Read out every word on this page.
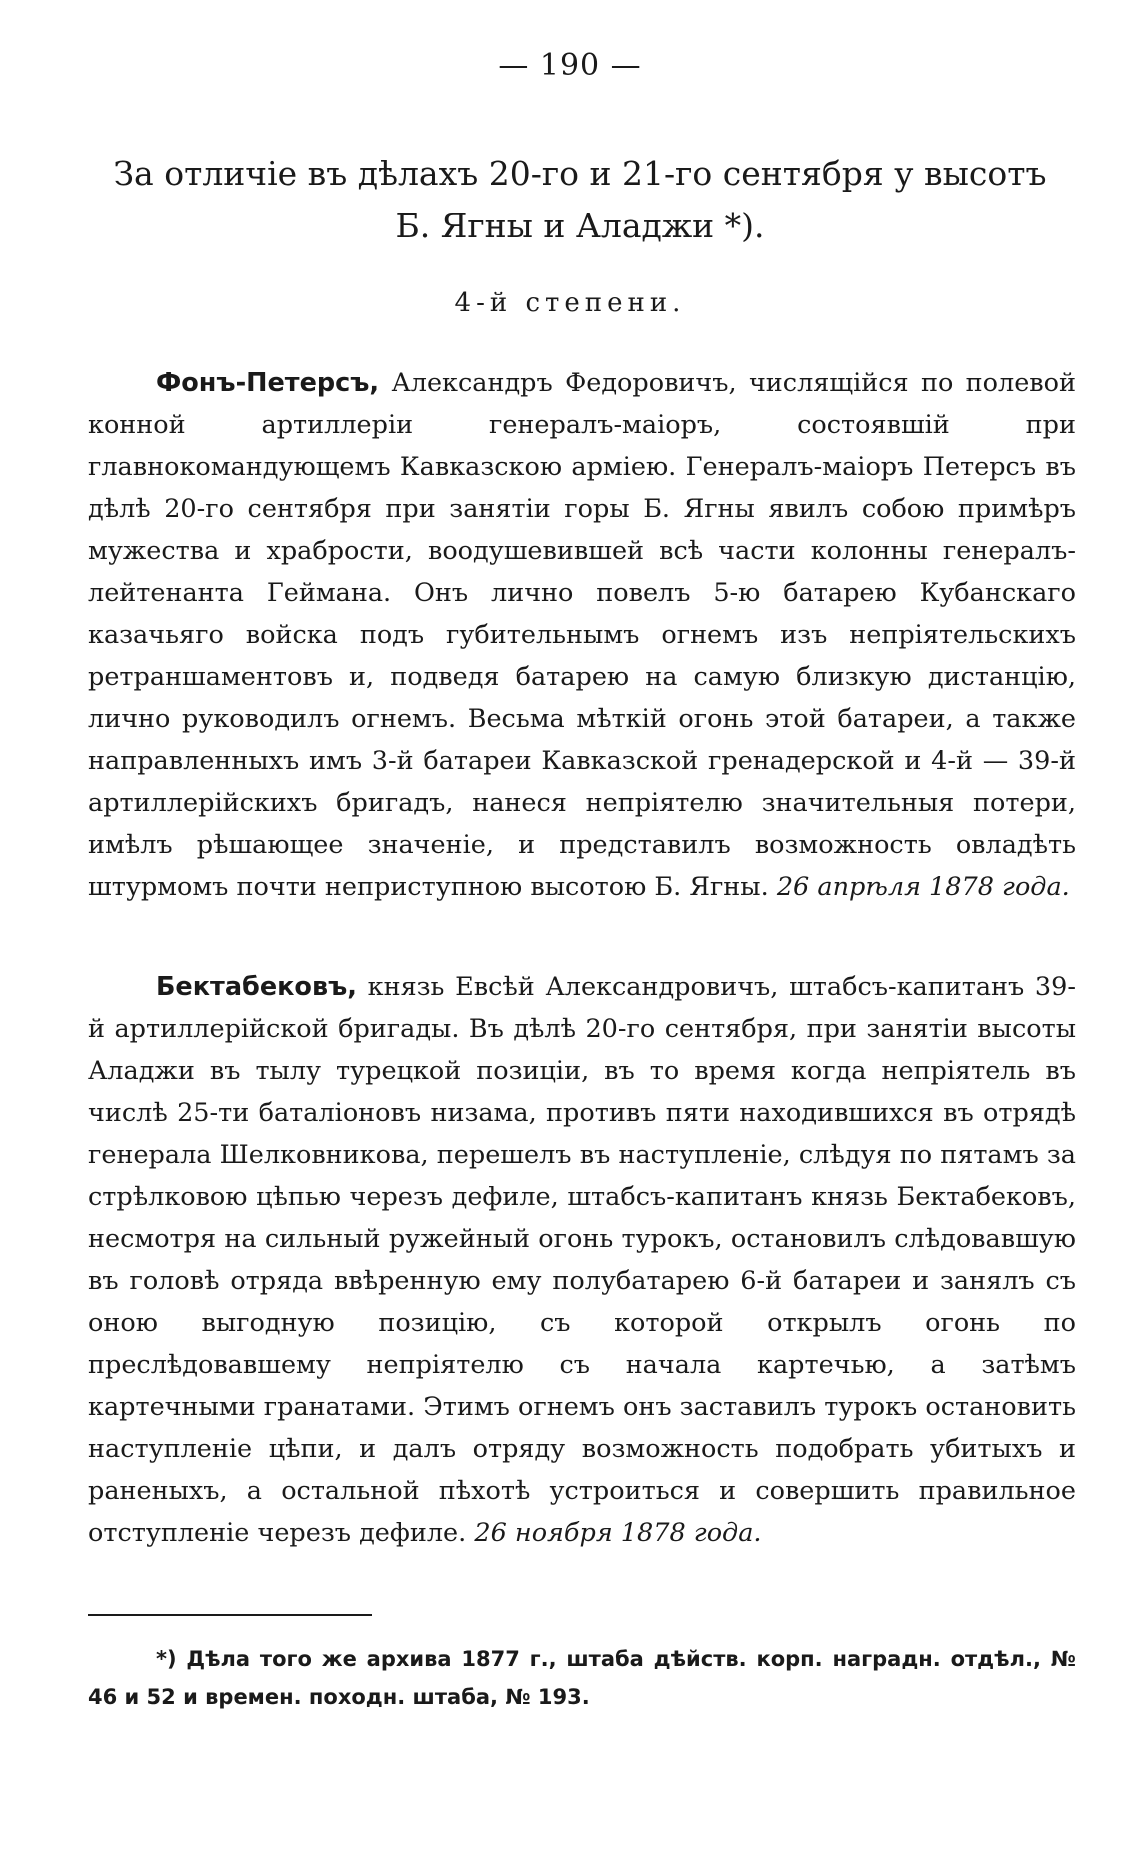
— 190 —
За отличіе въ дѣлахъ 20-го и 21-го сентября у высотъ Б. Ягны и Аладжи *).
4-й степени.

Фонъ-Петерсъ, Александръ Федоровичъ, числящійся по полевой конной артиллеріи генералъ-маіоръ, состоявшій при главнокомандующемъ Кавказскою арміею. Генералъ-маіоръ Петерсъ въ дѣлѣ 20-го сентября при занятіи горы Б. Ягны явилъ собою примѣръ мужества и храбрости, воодушевившей всѣ части колонны генералъ-лейтенанта Геймана. Онъ лично повелъ 5-ю батарею Кубанскаго казачьяго войска подъ губительнымъ огнемъ изъ непріятельскихъ ретраншаментовъ и, подведя батарею на самую близкую дистанцію, лично руководилъ огнемъ. Весьма мѣткій огонь этой батареи, а также направленныхъ имъ 3-й батареи Кавказской гренадерской и 4-й — 39-й артиллерійскихъ бригадъ, нанеся непріятелю значительныя потери, имѣлъ рѣшающее значеніе, и представилъ возможность овладѣть штурмомъ почти неприступною высотою Б. Ягны. 26 апрѣля 1878 года.

Бектабековъ, князь Евсѣй Александровичъ, штабсъ-капитанъ 39-й артиллерійской бригады. Въ дѣлѣ 20-го сентября, при занятіи высоты Аладжи въ тылу турецкой позиціи, въ то время когда непріятель въ числѣ 25-ти баталіоновъ низама, противъ пяти находившихся въ отрядѣ генерала Шелковникова, перешелъ въ наступленіе, слѣдуя по пятамъ за стрѣлковою цѣпью черезъ дефиле, штабсъ-капитанъ князь Бектабековъ, несмотря на сильный ружейный огонь турокъ, остановилъ слѣдовавшую въ головѣ отряда ввѣренную ему полубатарею 6-й батареи и занялъ съ оною выгодную позицію, съ которой открылъ огонь по преслѣдовавшему непріятелю съ начала картечью, а затѣмъ картечными гранатами. Этимъ огнемъ онъ заставилъ турокъ остановить наступленіе цѣпи, и далъ отряду возможность подобрать убитыхъ и раненыхъ, а остальной пѣхотѣ устроиться и совершить правильное отступленіе черезъ дефиле. 26 ноября 1878 года.

*) Дѣла того же архива 1877 г., штаба дѣйств. корп. наградн. отдѣл., № 46 и 52 и времен. походн. штаба, № 193.
